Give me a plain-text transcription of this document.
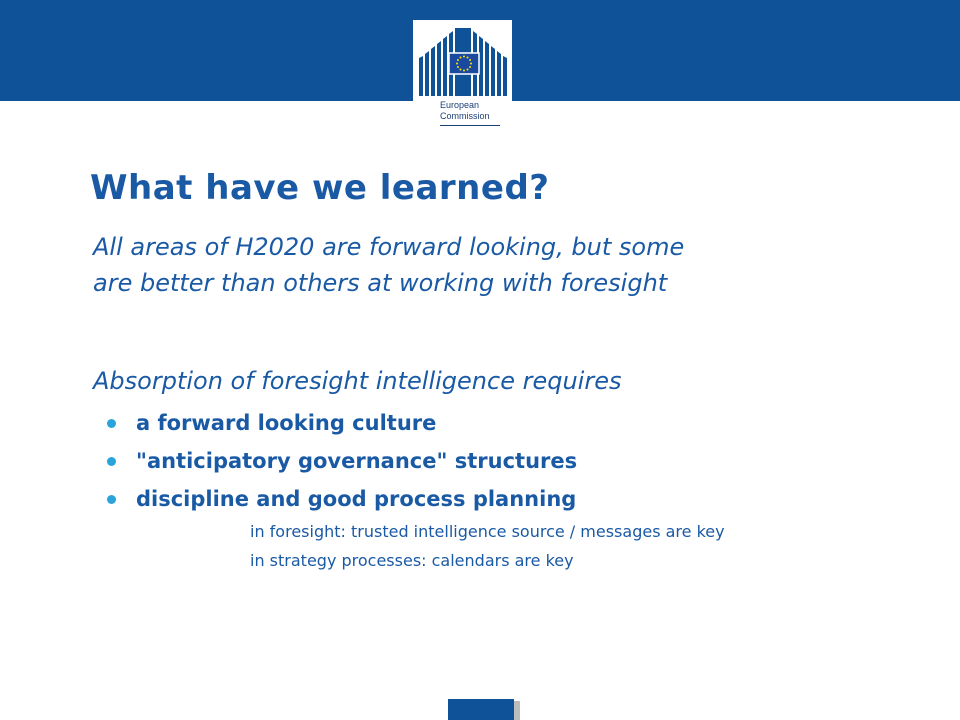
European
Commission
What have we learned?

All areas of H2020 are forward looking, but some
are better than others at working with foresight

Absorption of foresight intelligence requires

a forward looking culture
"anticipatory governance" structures
discipline and good process planning
in foresight: trusted intelligence source / messages are key
in strategy processes: calendars are key
